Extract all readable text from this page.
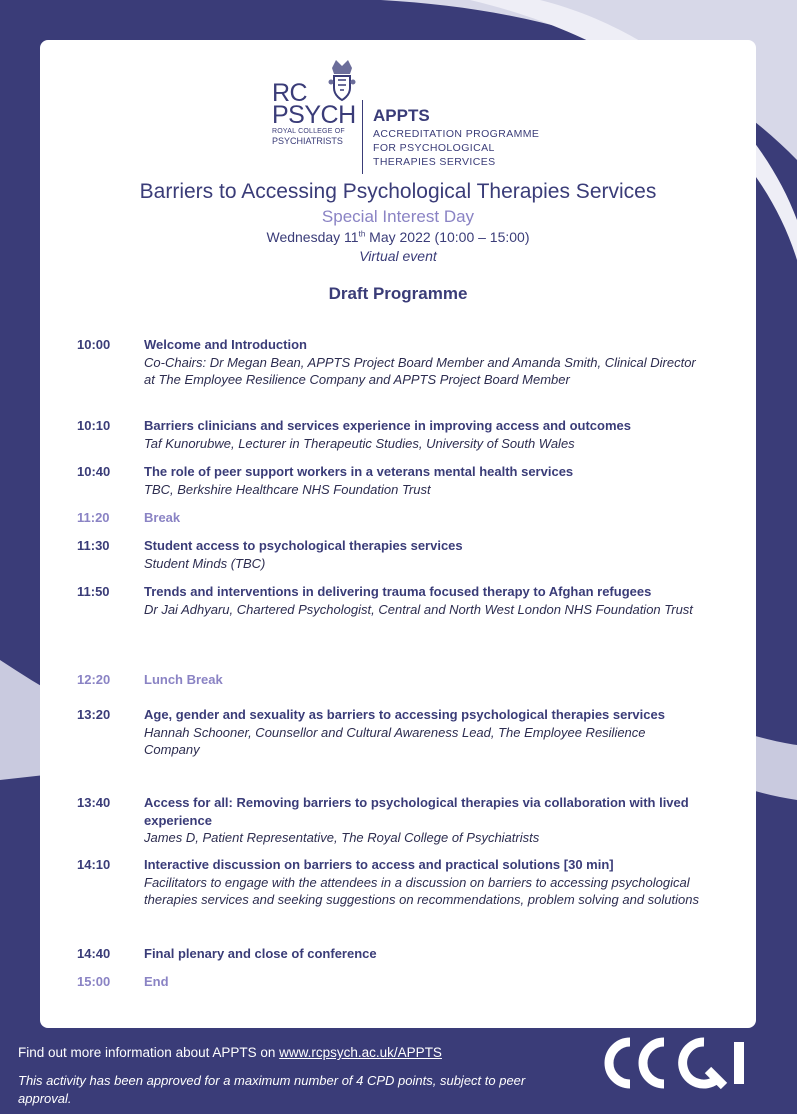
RC
PSYCH
ROYAL COLLEGE OF
PSYCHIATRISTS
APPTS
ACCREDITATION PROGRAMME
FOR PSYCHOLOGICAL
THERAPIES SERVICES
Barriers to Accessing Psychological Therapies Services
Special Interest Day
Wednesday 11th May 2022 (10:00 – 15:00)
Virtual event
Draft Programme
10:00	Welcome and Introduction
Co-Chairs: Dr Megan Bean, APPTS Project Board Member and Amanda Smith, Clinical Director at The Employee Resilience Company and APPTS Project Board Member
10:10	Barriers clinicians and services experience in improving access and outcomes
Taf Kunorubwe, Lecturer in Therapeutic Studies, University of South Wales
10:40	The role of peer support workers in a veterans mental health services
TBC, Berkshire Healthcare NHS Foundation Trust
11:20	Break
11:30	Student access to psychological therapies services
Student Minds (TBC)
11:50	Trends and interventions in delivering trauma focused therapy to Afghan refugees
Dr Jai Adhyaru, Chartered Psychologist, Central and North West London NHS Foundation Trust
12:20	Lunch Break
13:20	Age, gender and sexuality as barriers to accessing psychological therapies services
Hannah Schooner, Counsellor and Cultural Awareness Lead, The Employee Resilience Company
13:40	Access for all: Removing barriers to psychological therapies via collaboration with lived experience
James D, Patient Representative, The Royal College of Psychiatrists
14:10	Interactive discussion on barriers to access and practical solutions [30 min]
Facilitators to engage with the attendees in a discussion on barriers to accessing psychological therapies services and seeking suggestions on recommendations, problem solving and solutions
14:40	Final plenary and close of conference
15:00	End
Find out more information about APPTS on www.rcpsych.ac.uk/APPTS
This activity has been approved for a maximum number of 4 CPD points, subject to peer approval.
